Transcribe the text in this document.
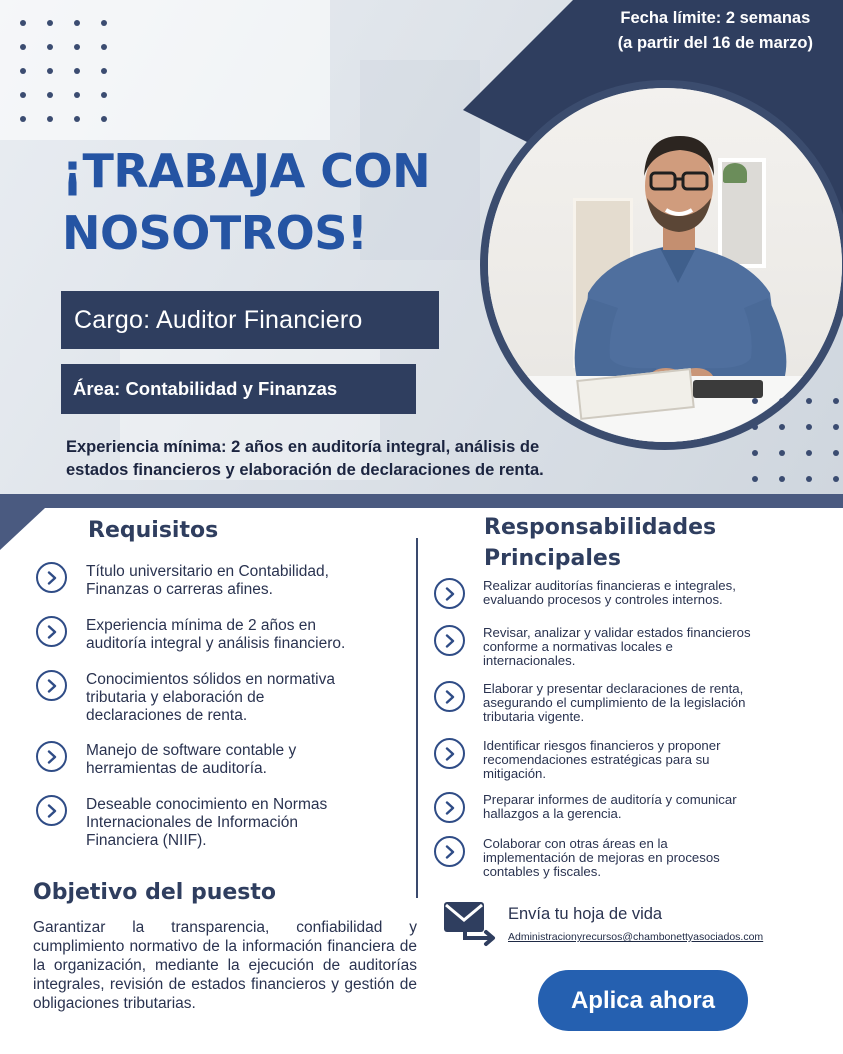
Fecha límite: 2 semanas
(a partir del 16 de marzo)
¡TRABAJA CON
NOSOTROS!
Cargo: Auditor Financiero
Área: Contabilidad y Finanzas
Experiencia mínima: 2 años en auditoría integral, análisis de
estados financieros y elaboración de declaraciones de renta.
Requisitos
Título universitario en Contabilidad,
Finanzas o carreras afines.
Experiencia mínima de 2 años en
auditoría integral y análisis financiero.
Conocimientos sólidos en normativa
tributaria y elaboración de
declaraciones de renta.
Manejo de software contable y
herramientas de auditoría.
Deseable conocimiento en Normas
Internacionales de Información
Financiera (NIIF).
Responsabilidades
Principales
Realizar auditorías financieras e integrales,
evaluando procesos y controles internos.
Revisar, analizar y validar estados financieros
conforme a normativas locales e
internacionales.
Elaborar y presentar declaraciones de renta,
asegurando el cumplimiento de la legislación
tributaria vigente.
Identificar riesgos financieros y proponer
recomendaciones estratégicas para su
mitigación.
Preparar informes de auditoría y comunicar
hallazgos a la gerencia.
Colaborar con otras áreas en la
implementación de mejoras en procesos
contables y fiscales.
Objetivo del puesto
Garantizar la transparencia, confiabilidad y cumplimiento normativo de la información financiera de la organización, mediante la ejecución de auditorías integrales, revisión de estados financieros y gestión de obligaciones tributarias.
Envía tu hoja de vida
Administracionyrecursos@chambonettyasociados.com
Aplica ahora
